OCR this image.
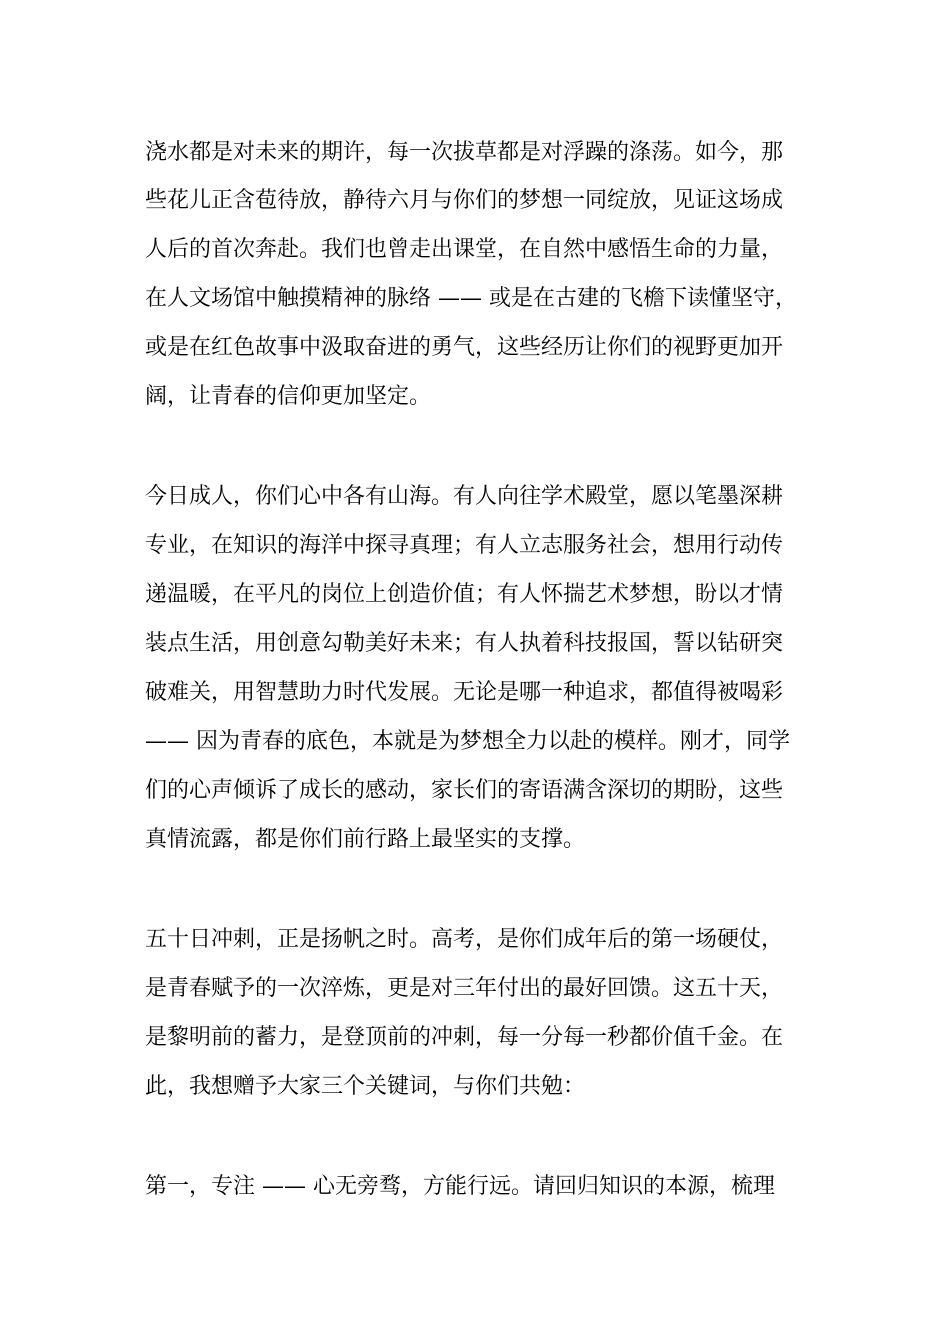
浇水都是对未来的期许，每一次拔草都是对浮躁的涤荡。如今，那

些花儿正含苞待放，静待六月与你们的梦想一同绽放，见证这场成

人后的首次奔赴。我们也曾走出课堂，在自然中感悟生命的力量，

在人文场馆中触摸精神的脉络 —— 或是在古建的飞檐下读懂坚守，

或是在红色故事中汲取奋进的勇气，这些经历让你们的视野更加开

阔，让青春的信仰更加坚定。

今日成人，你们心中各有山海。有人向往学术殿堂，愿以笔墨深耕

专业，在知识的海洋中探寻真理；有人立志服务社会，想用行动传

递温暖，在平凡的岗位上创造价值；有人怀揣艺术梦想，盼以才情

装点生活，用创意勾勒美好未来；有人执着科技报国，誓以钻研突

破难关，用智慧助力时代发展。无论是哪一种追求，都值得被喝彩

—— 因为青春的底色，本就是为梦想全力以赴的模样。刚才，同学

们的心声倾诉了成长的感动，家长们的寄语满含深切的期盼，这些

真情流露，都是你们前行路上最坚实的支撑。

五十日冲刺，正是扬帆之时。高考，是你们成年后的第一场硬仗，

是青春赋予的一次淬炼，更是对三年付出的最好回馈。这五十天，

是黎明前的蓄力，是登顶前的冲刺，每一分每一秒都价值千金。在

此，我想赠予大家三个关键词，与你们共勉：

第一，专注 —— 心无旁骛，方能行远。请回归知识的本源，梳理
